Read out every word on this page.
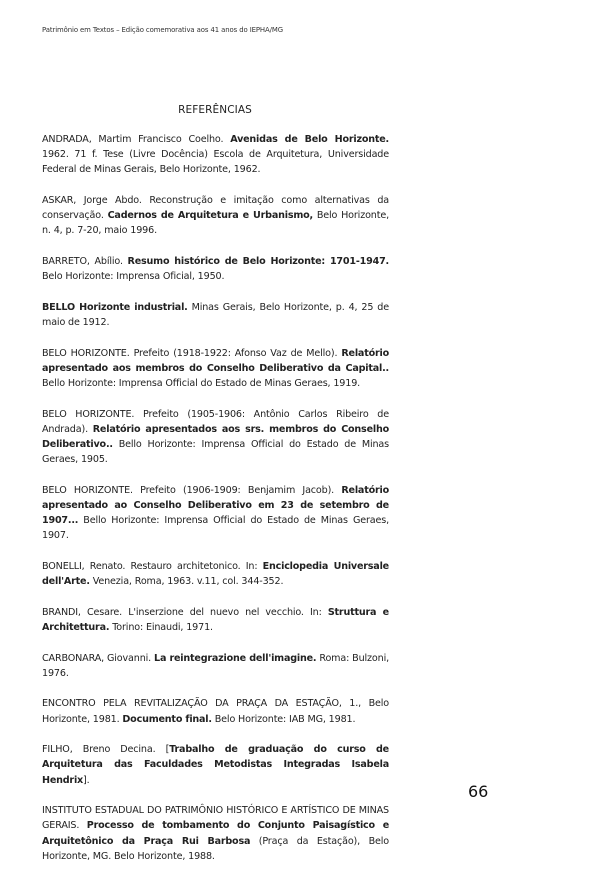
Patrimônio em Textos – Edição comemorativa aos 41 anos do IEPHA/MG
REFERÊNCIAS

ANDRADA, Martim Francisco Coelho. Avenidas de Belo Horizonte. 1962. 71 f. Tese (Livre Docência) Escola de Arquitetura, Universidade Federal de Minas Gerais, Belo Horizonte, 1962.

ASKAR, Jorge Abdo. Reconstrução e imitação como alternativas da conservação. Cadernos de Arquitetura e Urbanismo, Belo Horizonte, n. 4, p. 7-20, maio 1996.

BARRETO, Abílio. Resumo histórico de Belo Horizonte: 1701-1947. Belo Horizonte: Imprensa Oficial, 1950.

BELLO Horizonte industrial. Minas Gerais, Belo Horizonte, p. 4, 25 de maio de 1912.

BELO HORIZONTE. Prefeito (1918-1922: Afonso Vaz de Mello). Relatório apresentado aos membros do Conselho Deliberativo da Capital.. Bello Horizonte: Imprensa Official do Estado de Minas Geraes, 1919.

BELO HORIZONTE. Prefeito (1905-1906: Antônio Carlos Ribeiro de Andrada). Relatório apresentados aos srs. membros do Conselho Deliberativo.. Bello Horizonte: Imprensa Official do Estado de Minas Geraes, 1905.

BELO HORIZONTE. Prefeito (1906-1909: Benjamim Jacob). Relatório apresentado ao Conselho Deliberativo em 23 de setembro de 1907... Bello Horizonte: Imprensa Official do Estado de Minas Geraes, 1907.

BONELLI, Renato. Restauro architetonico. In: Enciclopedia Universale dell'Arte. Venezia, Roma, 1963. v.11, col. 344-352.

BRANDI, Cesare. L'inserzione del nuevo nel vecchio. In: Struttura e Architettura. Torino: Einaudi, 1971.

CARBONARA, Giovanni. La reintegrazione dell'imagine. Roma: Bulzoni, 1976.

ENCONTRO PELA REVITALIZAÇÃO DA PRAÇA DA ESTAÇÃO, 1., Belo Horizonte, 1981. Documento final. Belo Horizonte: IAB MG, 1981.

FILHO, Breno Decina. [Trabalho de graduação do curso de Arquitetura das Faculdades Metodistas Integradas Isabela Hendrix].

INSTITUTO ESTADUAL DO PATRIMÔNIO HISTÓRICO E ARTÍSTICO DE MINAS GERAIS. Processo de tombamento do Conjunto Paisagístico e Arquitetônico da Praça Rui Barbosa (Praça da Estação), Belo Horizonte, MG. Belo Horizonte, 1988.

66
